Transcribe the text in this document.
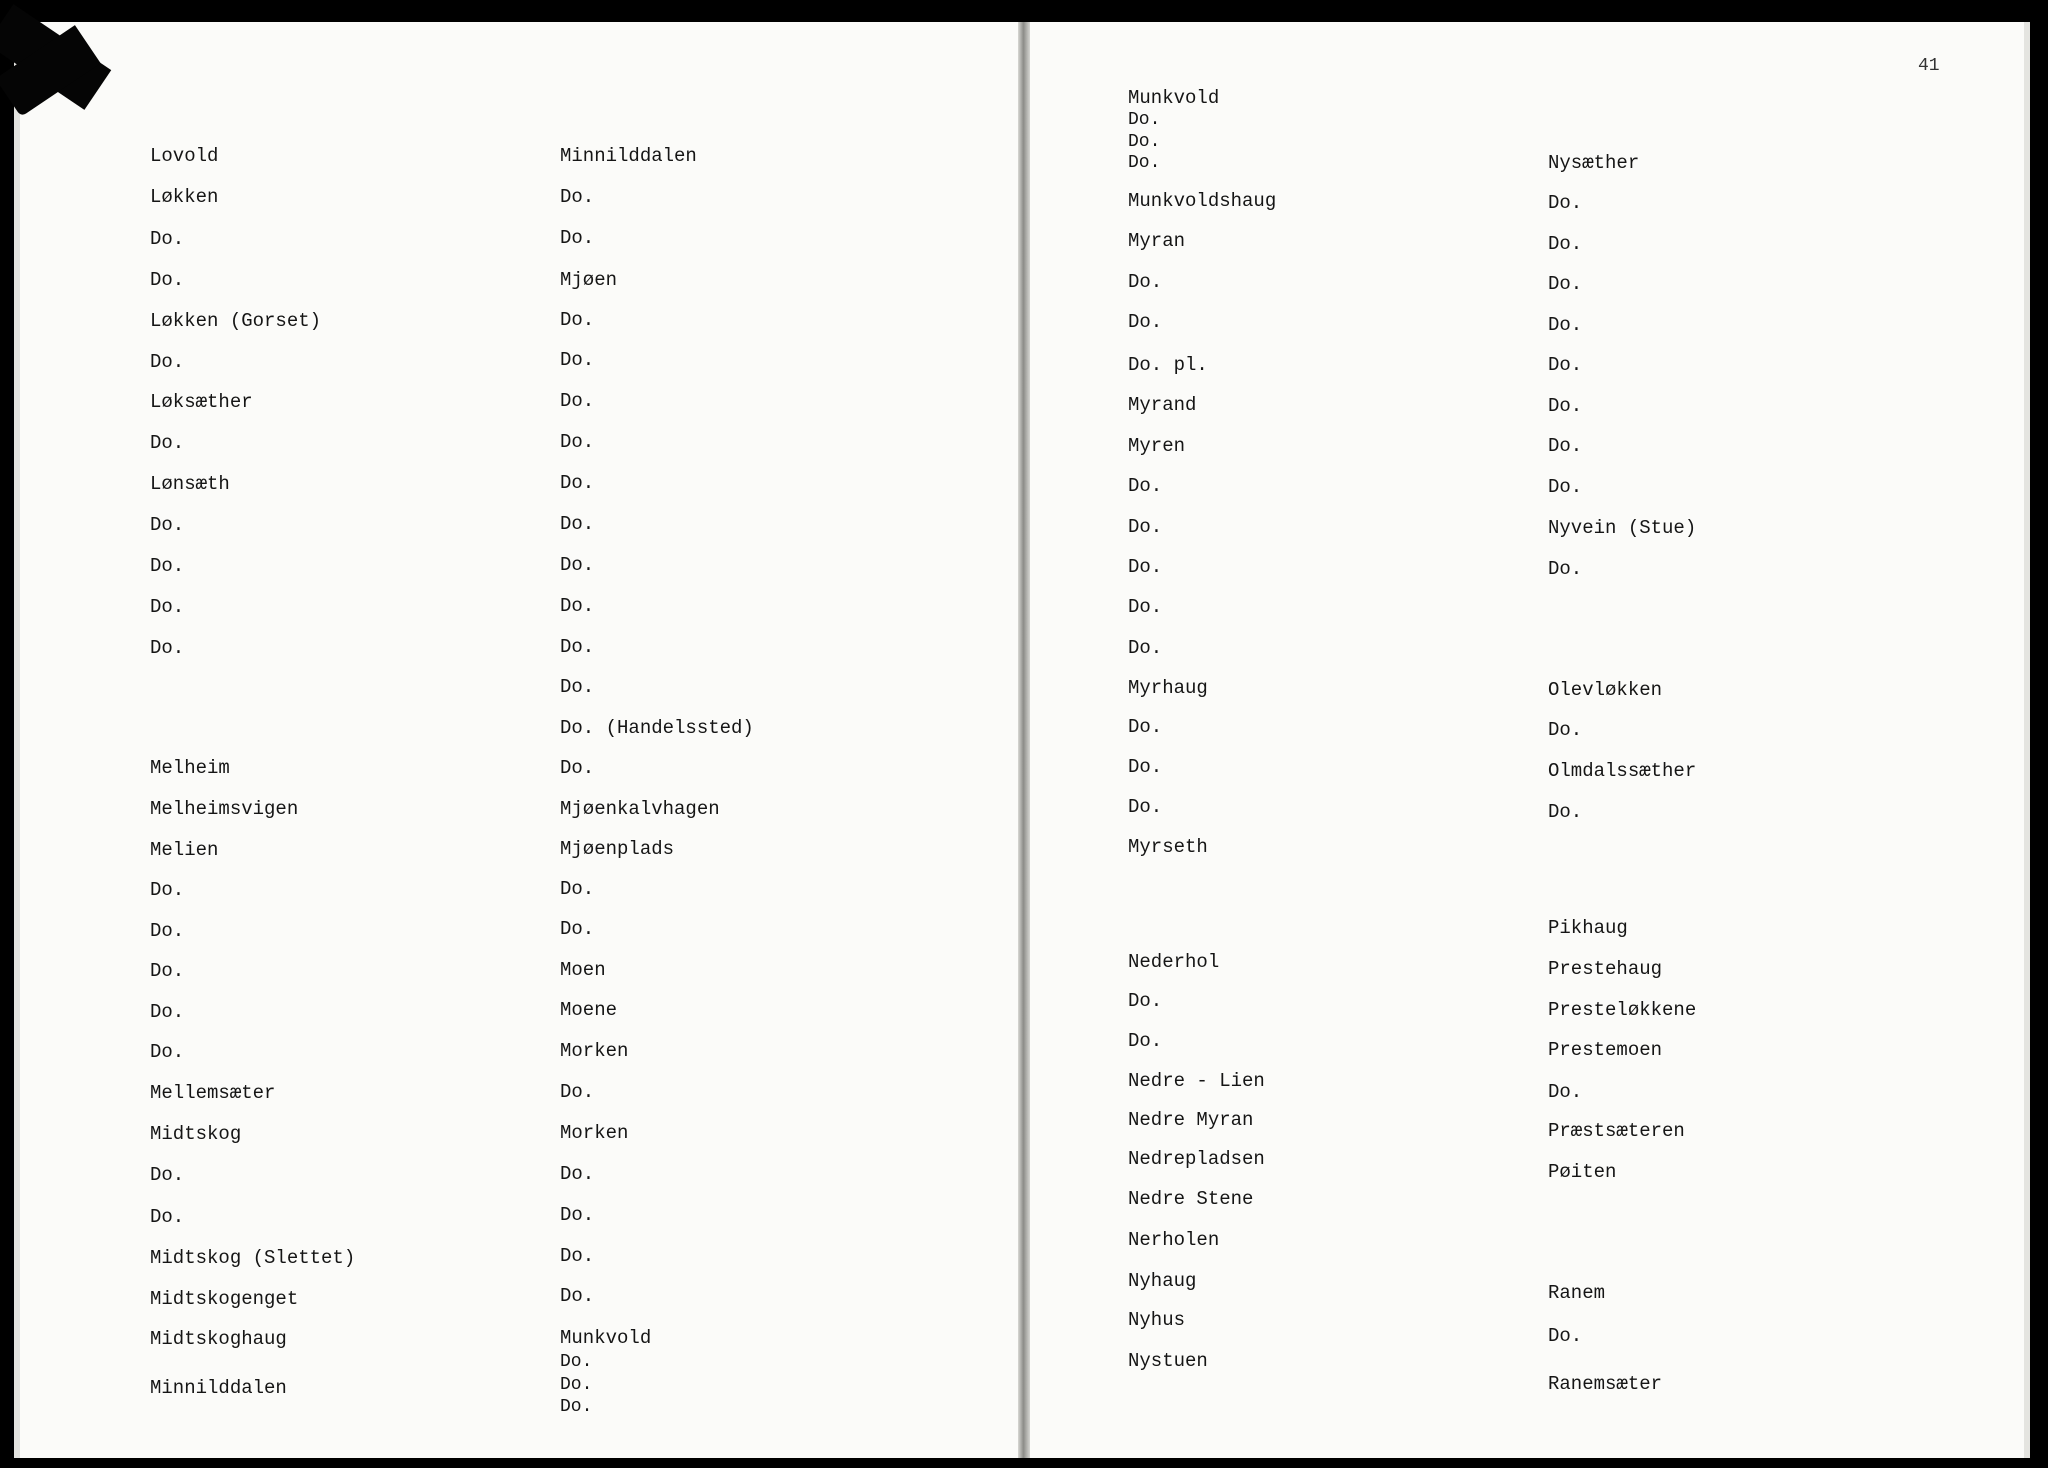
41
Lovold
Løkken
Do.
Do.
Løkken (Gorset)
Do.
Løksæther
Do.
Lønsæth
Do.
Do.
Do.
Do.
Melheim
Melheimsvigen
Melien
Do.
Do.
Do.
Do.
Do.
Mellemsæter
Midtskog
Do.
Do.
Midtskog (Slettet)
Midtskogenget
Midtskoghaug
Minnilddalen
Minnilddalen
Do.
Do.
Mjøen
Do.
Do.
Do.
Do.
Do.
Do.
Do.
Do.
Do.
Do.
Do. (Handelssted)
Do.
Mjøenkalvhagen
Mjøenplads
Do.
Do.
Moen
Moene
Morken
Do.
Morken
Do.
Do.
Do.
Do.
Munkvold
Do.
Do.
Do.
Munkvold
Do.
Do.
Do.
Munkvoldshaug
Myran
Do.
Do.
Do. pl.
Myrand
Myren
Do.
Do.
Do.
Do.
Do.
Myrhaug
Do.
Do.
Do.
Myrseth
Nederhol
Do.
Do.
Nedre - Lien
Nedre Myran
Nedrepladsen
Nedre Stene
Nerholen
Nyhaug
Nyhus
Nystuen
Nysæther
Do.
Do.
Do.
Do.
Do.
Do.
Do.
Do.
Nyvein (Stue)
Do.
Olevløkken
Do.
Olmdalssæther
Do.
Pikhaug
Prestehaug
Presteløkkene
Prestemoen
Do.
Præstsæteren
Pøiten
Ranem
Do.
Ranemsæter
